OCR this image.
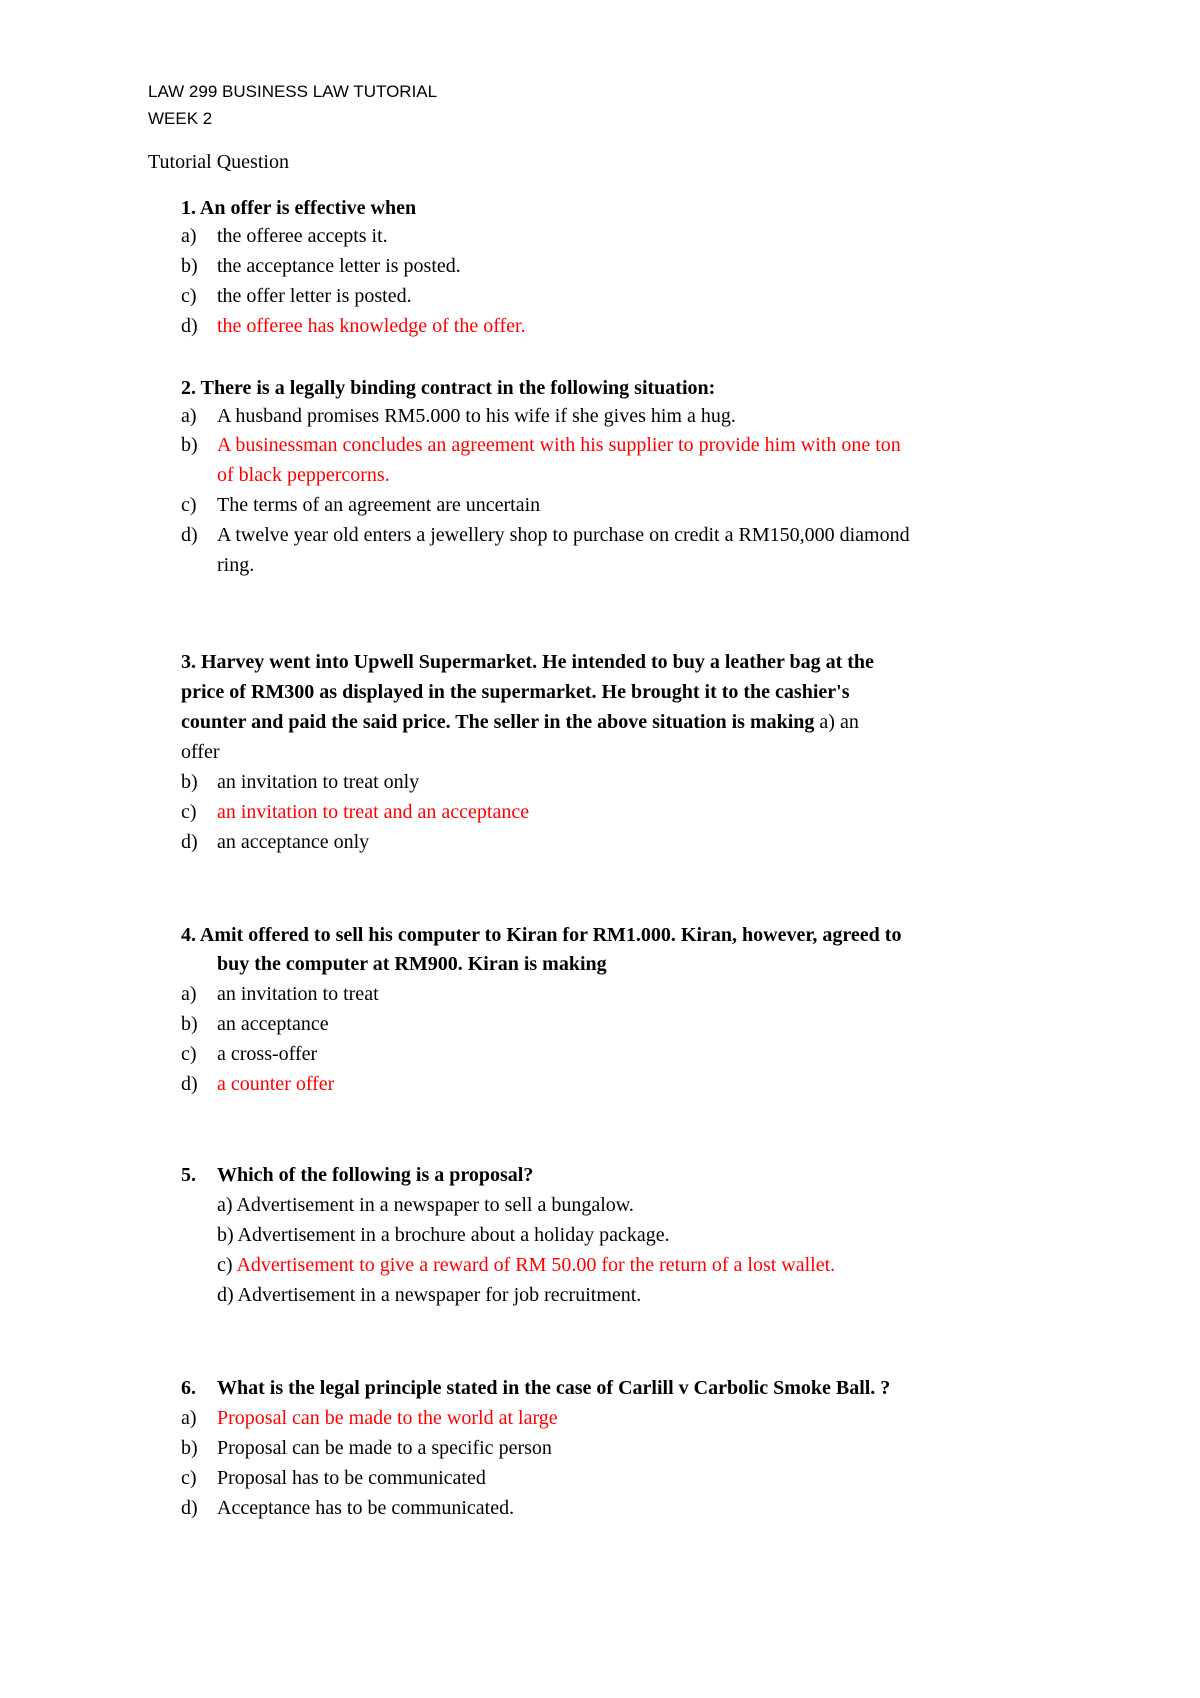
LAW 299 BUSINESS LAW TUTORIAL
WEEK 2
Tutorial Question
1. An offer is effective when
a) the offeree accepts it.
b) the acceptance letter is posted.
c) the offer letter is posted.
d) the offeree has knowledge of the offer.
2. There is a legally binding contract in the following situation:
a) A husband promises RM5.000 to his wife if she gives him a hug.
b) A businessman concludes an agreement with his supplier to provide him with one ton
of black peppercorns.
c) The terms of an agreement are uncertain
d) A twelve year old enters a jewellery shop to purchase on credit a RM150,000 diamond
ring.
3. Harvey went into Upwell Supermarket. He intended to buy a leather bag at the
price of RM300 as displayed in the supermarket. He brought it to the cashier's
counter and paid the said price. The seller in the above situation is making a) an
offer
b) an invitation to treat only
c) an invitation to treat and an acceptance
d) an acceptance only
4. Amit offered to sell his computer to Kiran for RM1.000. Kiran, however, agreed to
buy the computer at RM900. Kiran is making
a) an invitation to treat
b) an acceptance
c) a cross-offer
d) a counter offer
5. Which of the following is a proposal?
a) Advertisement in a newspaper to sell a bungalow.
b) Advertisement in a brochure about a holiday package.
c) Advertisement to give a reward of RM 50.00 for the return of a lost wallet.
d) Advertisement in a newspaper for job recruitment.
6. What is the legal principle stated in the case of Carlill v Carbolic Smoke Ball. ?
a) Proposal can be made to the world at large
b) Proposal can be made to a specific person
c) Proposal has to be communicated
d) Acceptance has to be communicated.
